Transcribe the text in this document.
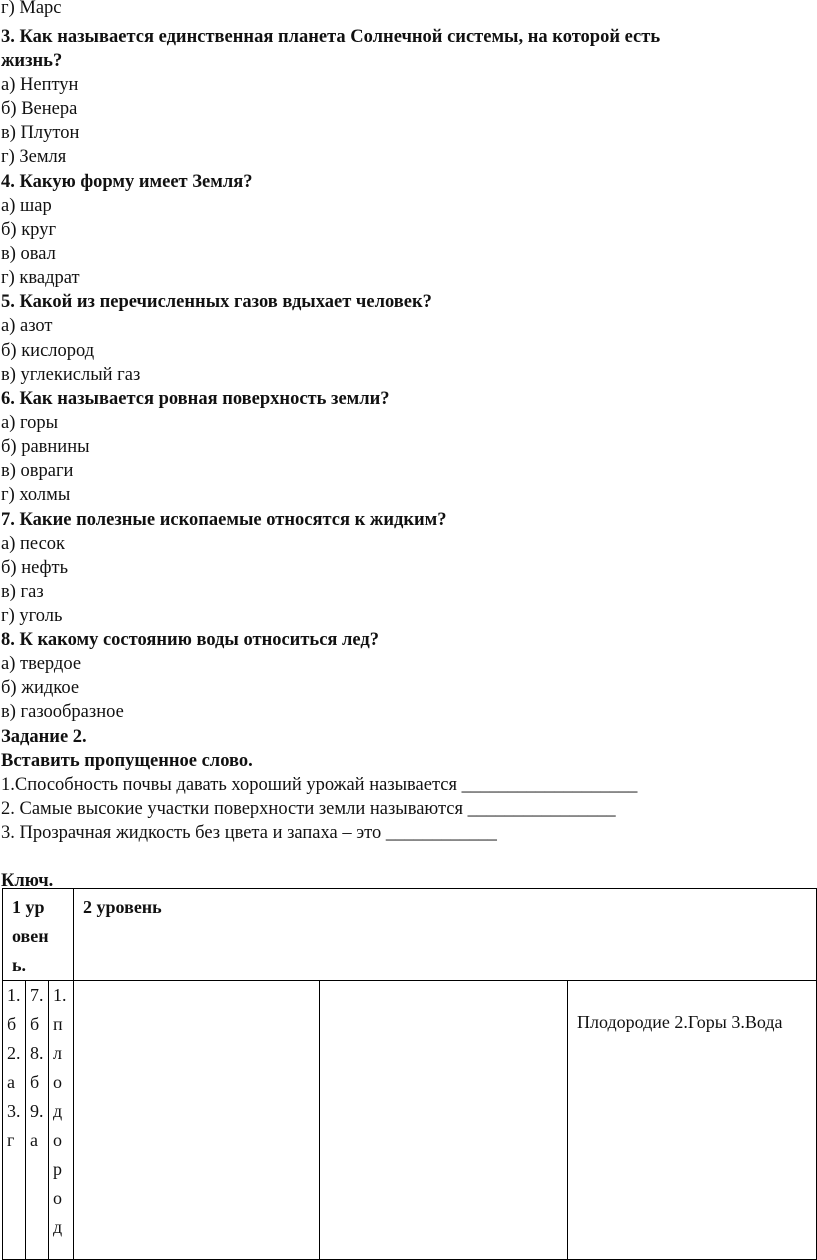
г) Марс
3. Как называется единственная планета Солнечной системы, на которой есть
жизнь?
а) Нептун
б) Венера
в) Плутон
г) Земля
4. Какую форму имеет Земля?
а) шар
б) круг
в) овал
г) квадрат
5. Какой из перечисленных газов вдыхает человек?
а) азот
б) кислород
в) углекислый газ
6. Как называется ровная поверхность земли?
а) горы
б) равнины
в) овраги
г) холмы
7. Какие полезные ископаемые относятся к жидким?
а) песок
б) нефть
в) газ
г) уголь
8. К какому состоянию воды относиться лед?
а) твердое
б) жидкое
в) газообразное
Задание 2.
Вставить пропущенное слово.
1.Способность почвы давать хороший урожай называется ___________________
2. Самые высокие участки поверхности земли называются ________________
3. Прозрачная жидкость без цвета и запаха – это ____________
Ключ.
1 уровень.			2 уровень		

1.б2.а3.г	7.б8.б9.а	1.плодород			Плодородие 2.Горы 3.Вода
